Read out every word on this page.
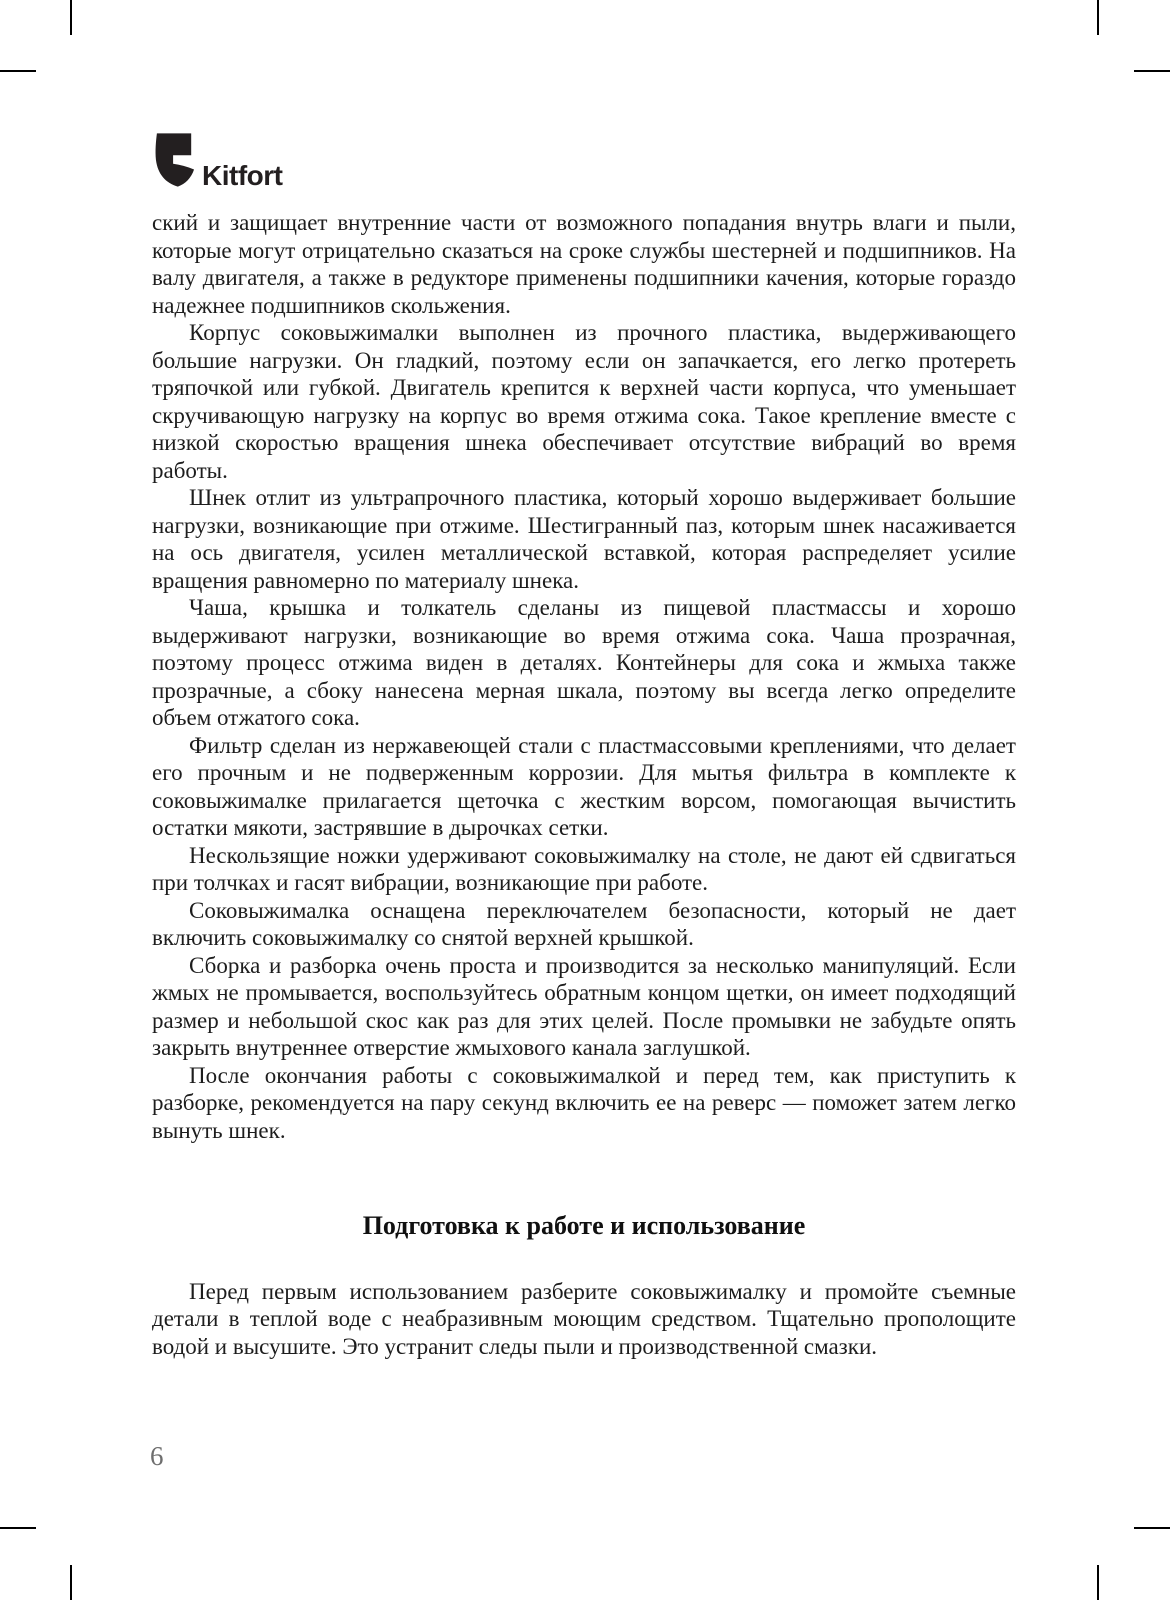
Kitfort

ский и защищает внутренние части от возможного попадания внутрь влаги и пыли, которые могут отрицательно сказаться на сроке службы шестерней и подшипников. На валу двигателя, а также в редукторе применены подшипники качения, которые гораздо надежнее подшипников скольжения.

Корпус соковыжималки выполнен из прочного пластика, выдерживающего большие нагрузки. Он гладкий, поэтому если он запачкается, его легко протереть тряпочкой или губкой. Двигатель крепится к верхней части корпуса, что уменьшает скручивающую нагрузку на корпус во время отжима сока. Такое крепление вместе с низкой скоростью вращения шнека обеспечивает отсутствие вибраций во время работы.

Шнек отлит из ультрапрочного пластика, который хорошо выдерживает большие нагрузки, возникающие при отжиме. Шестигранный паз, которым шнек насаживается на ось двигателя, усилен металлической вставкой, которая распределяет усилие вращения равномерно по материалу шнека.

Чаша, крышка и толкатель сделаны из пищевой пластмассы и хорошо выдерживают нагрузки, возникающие во время отжима сока. Чаша прозрачная, поэтому процесс отжима виден в деталях. Контейнеры для сока и жмыха также прозрачные, а сбоку нанесена мерная шкала, поэтому вы всегда легко определите объем отжатого сока.

Фильтр сделан из нержавеющей стали с пластмассовыми креплениями, что делает его прочным и не подверженным коррозии. Для мытья фильтра в комплекте к соковыжималке прилагается щеточка с жестким ворсом, помогающая вычистить остатки мякоти, застрявшие в дырочках сетки.

Нескользящие ножки удерживают соковыжималку на столе, не дают ей сдвигаться при толчках и гасят вибрации, возникающие при работе.

Соковыжималка оснащена переключателем безопасности, который не дает включить соковыжималку со снятой верхней крышкой.

Сборка и разборка очень проста и производится за несколько манипуляций. Если жмых не промывается, воспользуйтесь обратным концом щетки, он имеет подходящий размер и небольшой скос как раз для этих целей. После промывки не забудьте опять закрыть внутреннее отверстие жмыхового канала заглушкой.

После окончания работы с соковыжималкой и перед тем, как приступить к разборке, рекомендуется на пару секунд включить ее на реверс — поможет затем легко вынуть шнек.

Подготовка к работе и использование

Перед первым использованием разберите соковыжималку и промойте съемные детали в теплой воде с неабразивным моющим средством. Тщательно прополощите водой и высушите. Это устранит следы пыли и производственной смазки.

6
